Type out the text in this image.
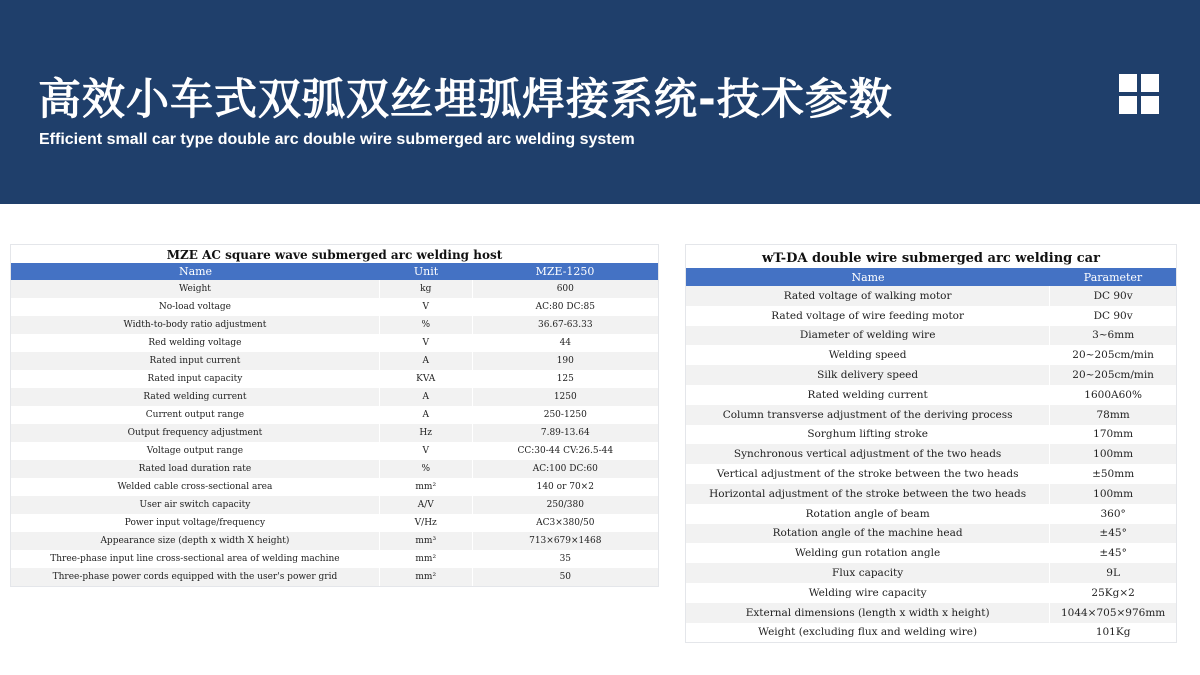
高效小车式双弧双丝埋弧焊接系统-技术参数
Efficient small car type double arc double wire submerged arc welding system
MZE AC square wave submerged arc welding host
Name	Unit	MZE-1250
Weight	kg	600
No-load voltage	V	AC:80 DC:85
Width-to-body ratio adjustment	%	36.67-63.33
Red welding voltage	V	44
Rated input current	A	190
Rated input capacity	KVA	125
Rated welding current	A	1250
Current output range	A	250-1250
Output frequency adjustment	Hz	7.89-13.64
Voltage output range	V	CC:30-44 CV:26.5-44
Rated load duration rate	%	AC:100 DC:60
Welded cable cross-sectional area	mm²	140 or 70×2
User air switch capacity	A/V	250/380
Power input voltage/frequency	V/Hz	AC3×380/50
Appearance size (depth x width X height)	mm³	713×679×1468
Three-phase input line cross-sectional area of welding machine	mm²	35
Three-phase power cords equipped with the user's power grid	mm²	50
wT-DA double wire submerged arc welding car
Name	Parameter
Rated voltage of walking motor	DC 90v
Rated voltage of wire feeding motor	DC 90v
Diameter of welding wire	3~6mm
Welding speed	20~205cm/min
Silk delivery speed	20~205cm/min
Rated welding current	1600A60%
Column transverse adjustment of the deriving process	78mm
Sorghum lifting stroke	170mm
Synchronous vertical adjustment of the two heads	100mm
Vertical adjustment of the stroke between the two heads	±50mm
Horizontal adjustment of the stroke between the two heads	100mm
Rotation angle of beam	360°
Rotation angle of the machine head	±45°
Welding gun rotation angle	±45°
Flux capacity	9L
Welding wire capacity	25Kg×2
External dimensions (length x width x height)	1044×705×976mm
Weight (excluding flux and welding wire)	101Kg
